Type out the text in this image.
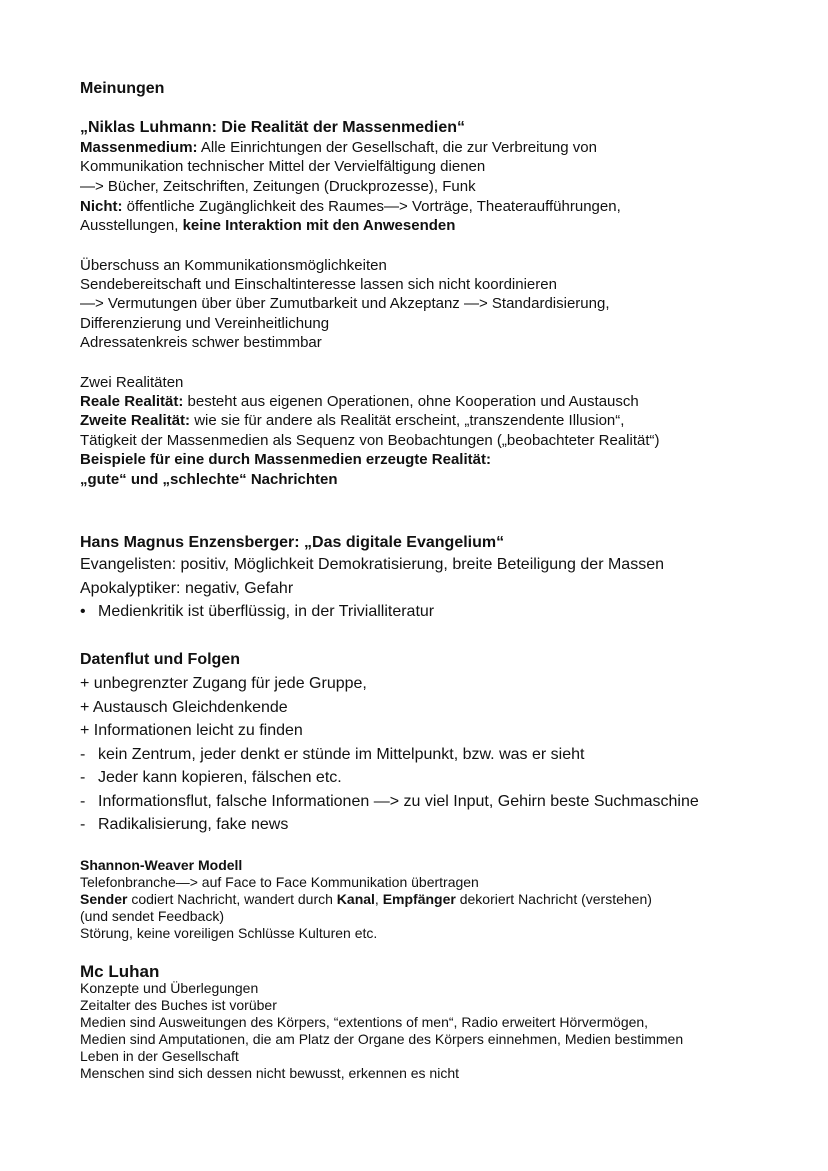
Meinungen
„Niklas Luhmann: Die Realität der Massenmedien“
Massenmedium: Alle Einrichtungen der Gesellschaft, die zur Verbreitung von
Kommunikation technischer Mittel der Vervielfältigung dienen
—> Bücher, Zeitschriften, Zeitungen (Druckprozesse), Funk
Nicht: öffentliche Zugänglichkeit des Raumes—> Vorträge, Theateraufführungen,
Ausstellungen, keine Interaktion mit den Anwesenden
Überschuss an Kommunikationsmöglichkeiten
Sendebereitschaft und Einschaltinteresse lassen sich nicht koordinieren
—> Vermutungen über über Zumutbarkeit und Akzeptanz —> Standardisierung,
Differenzierung und Vereinheitlichung
Adressatenkreis schwer bestimmbar
Zwei Realitäten
Reale Realität: besteht aus eigenen Operationen, ohne Kooperation und Austausch
Zweite Realität: wie sie für andere als Realität erscheint, „transzendente Illusion“,
Tätigkeit der Massenmedien als Sequenz von Beobachtungen („beobachteter Realität“)
Beispiele für eine durch Massenmedien erzeugte Realität:
„gute“ und „schlechte“ Nachrichten
Hans Magnus Enzensberger: „Das digitale Evangelium“
Evangelisten: positiv, Möglichkeit Demokratisierung, breite Beteiligung der Massen
Apokalyptiker: negativ, Gefahr
• Medienkritik ist überflüssig, in der Trivialliteratur
Datenflut und Folgen
+ unbegrenzter Zugang für jede Gruppe,
+ Austausch Gleichdenkende
+ Informationen leicht zu finden
- kein Zentrum, jeder denkt er stünde im Mittelpunkt, bzw. was er sieht
- Jeder kann kopieren, fälschen etc.
- Informationsflut, falsche Informationen —> zu viel Input, Gehirn beste Suchmaschine
- Radikalisierung, fake news
Shannon-Weaver Modell
Telefonbranche—> auf Face to Face Kommunikation übertragen
Sender codiert Nachricht, wandert durch Kanal, Empfänger dekoriert Nachricht (verstehen)
(und sendet Feedback)
Störung, keine voreiligen Schlüsse Kulturen etc.
Mc Luhan
Konzepte und Überlegungen
Zeitalter des Buches ist vorüber
Medien sind Ausweitungen des Körpers, “extentions of men“, Radio erweitert Hörvermögen,
Medien sind Amputationen, die am Platz der Organe des Körpers einnehmen, Medien bestimmen
Leben in der Gesellschaft
Menschen sind sich dessen nicht bewusst, erkennen es nicht
